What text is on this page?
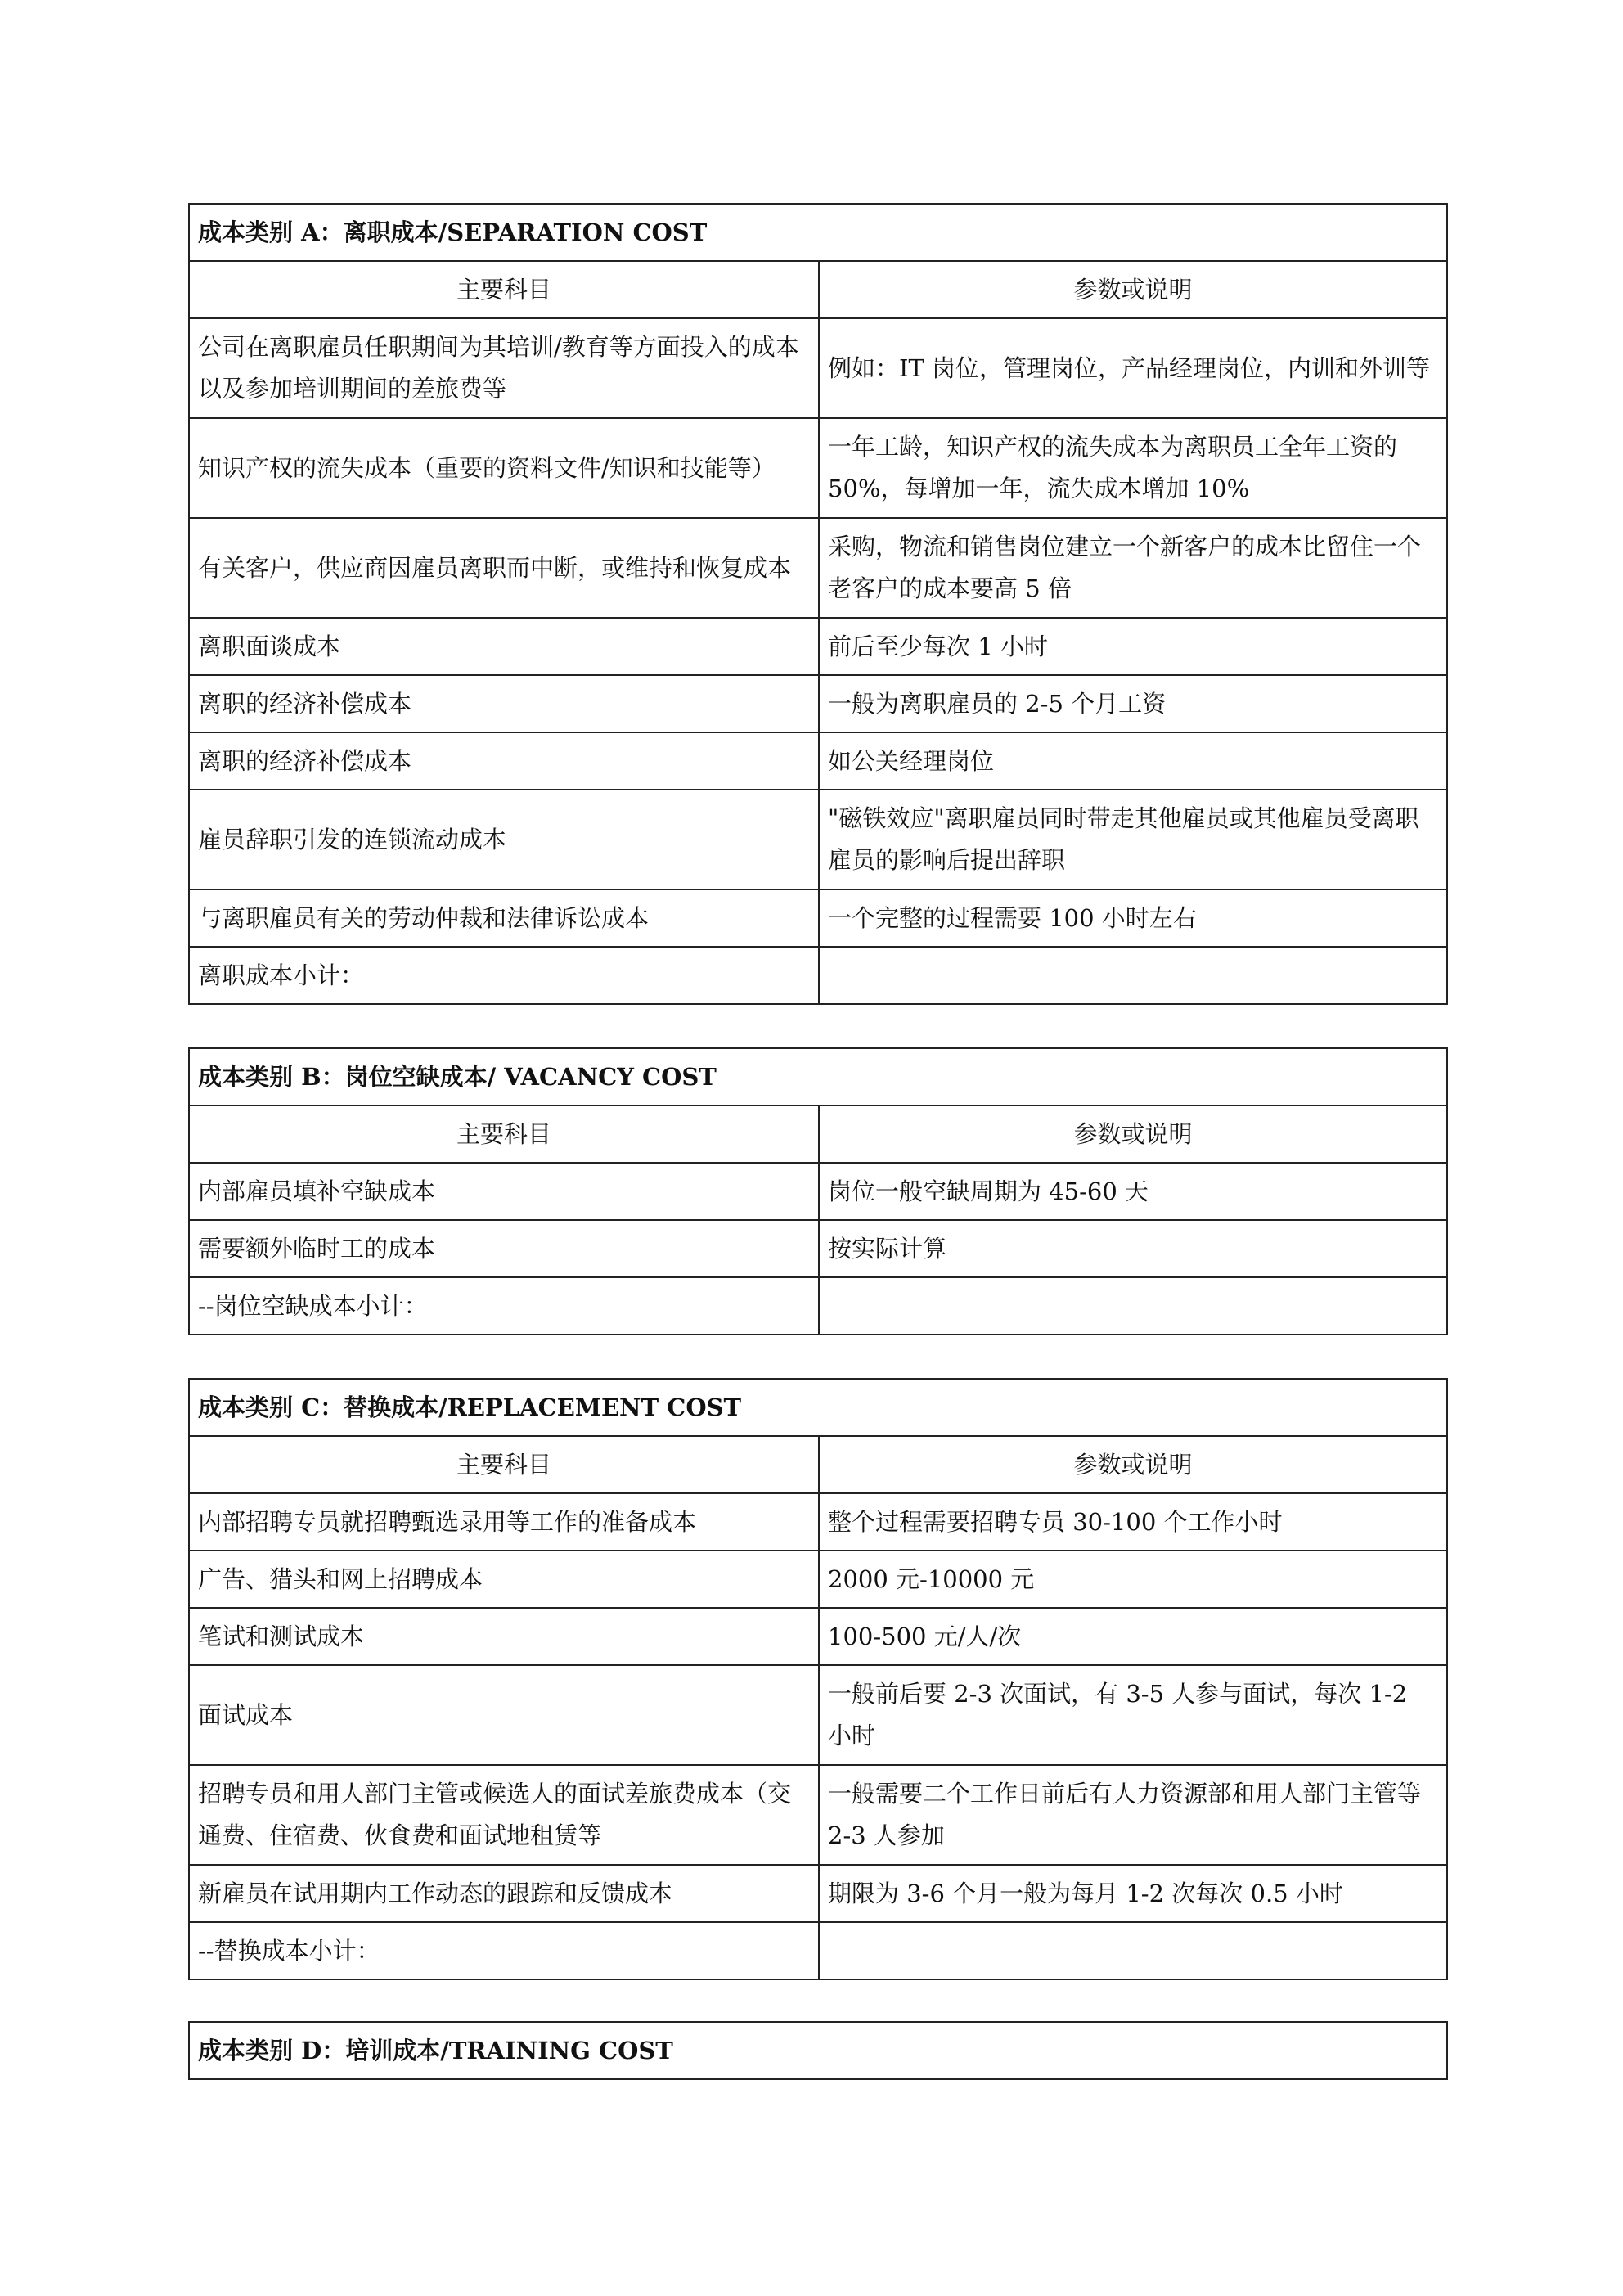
成本类别 A：离职成本/SEPARATION COST	
主要科目	参数或说明
公司在离职雇员任职期间为其培训/教育等方面投入的成本以及参加培训期间的差旅费等	例如：IT 岗位，管理岗位，产品经理岗位，内训和外训等
知识产权的流失成本（重要的资料文件/知识和技能等）	一年工龄，知识产权的流失成本为离职员工全年工资的 50%，每增加一年，流失成本增加 10%
有关客户，供应商因雇员离职而中断，或维持和恢复成本	采购，物流和销售岗位建立一个新客户的成本比留住一个老客户的成本要高 5 倍
离职面谈成本	前后至少每次 1 小时
离职的经济补偿成本	一般为离职雇员的 2-5 个月工资
离职的经济补偿成本	如公关经理岗位
雇员辞职引发的连锁流动成本	"磁铁效应"离职雇员同时带走其他雇员或其他雇员受离职雇员的影响后提出辞职
与离职雇员有关的劳动仲裁和法律诉讼成本	一个完整的过程需要 100 小时左右
离职成本小计：	
成本类别 B：岗位空缺成本/ VACANCY COST	
主要科目	参数或说明
内部雇员填补空缺成本	岗位一般空缺周期为 45-60 天
需要额外临时工的成本	按实际计算
--岗位空缺成本小计：	
成本类别 C：替换成本/REPLACEMENT COST	
主要科目	参数或说明
内部招聘专员就招聘甄选录用等工作的准备成本	整个过程需要招聘专员 30-100 个工作小时
广告、猎头和网上招聘成本	2000 元-10000 元
笔试和测试成本	100-500 元/人/次
面试成本	一般前后要 2-3 次面试，有 3-5 人参与面试，每次 1-2 小时
招聘专员和用人部门主管或候选人的面试差旅费成本（交通费、住宿费、伙食费和面试地租赁等	一般需要二个工作日前后有人力资源部和用人部门主管等 2-3 人参加
新雇员在试用期内工作动态的跟踪和反馈成本	期限为 3-6 个月一般为每月 1-2 次每次 0.5 小时
--替换成本小计：	
成本类别 D：培训成本/TRAINING COST
